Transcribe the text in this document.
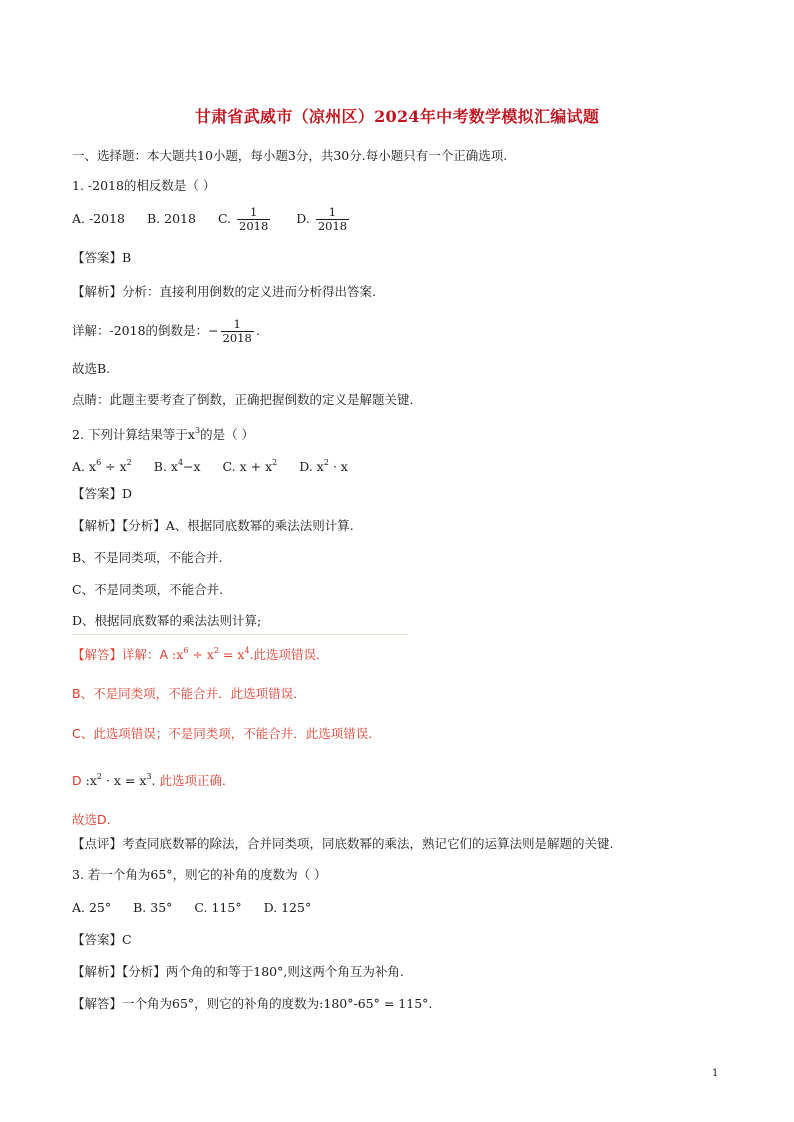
甘肃省武威市（凉州区）2024年中考数学模拟汇编试题
一、选择题：本大题共10小题，每小题3分，共30分.每小题只有一个正确选项.
1. -2018的相反数是（ ）
A. -2018 B. 2018 C. $\frac{1}{2018} D$. $\frac{1}{2018}$
【答案】B
【解析】分析：直接利用倒数的定义进而分析得出答案.
详解：-2018的倒数是：− $\frac{1}{2018}$ .
故选B.
点睛：此题主要考查了倒数，正确把握倒数的定义是解题关键.
2. 下列计算结果等于$x^3$的是（ ）
A. $x^6 \div x^2$ B. $x^4-x$ C. $x + x^2$ D. $x^2 \cdot x$
【答案】D
【解析】【分析】A、根据同底数幂的乘法法则计算.
B、不是同类项，不能合并.
C、不是同类项，不能合并.
D、根据同底数幂的乘法法则计算;
【解答】详解：A $:x^6 \div x^2 = x^4$.此选项错误．
B、不是同类项，不能合并．此选项错误．
C、此选项错误；不是同类项，不能合并．此选项错误．
D $:x^2 \cdot x = x^3$. 此选项正确．
故选D.
【点评】考查同底数幂的除法，合并同类项，同底数幂的乘法，熟记它们的运算法则是解题的关键.
3. 若一个角为65°，则它的补角的度数为（ ）
A. 25° B. 35° C. 115° D. 125°
【答案】C
【解析】【分析】两个角的和等于180°,则这两个角互为补角.
【解答】一个角为65°，则它的补角的度数为:180°-65° = 115°.
1
